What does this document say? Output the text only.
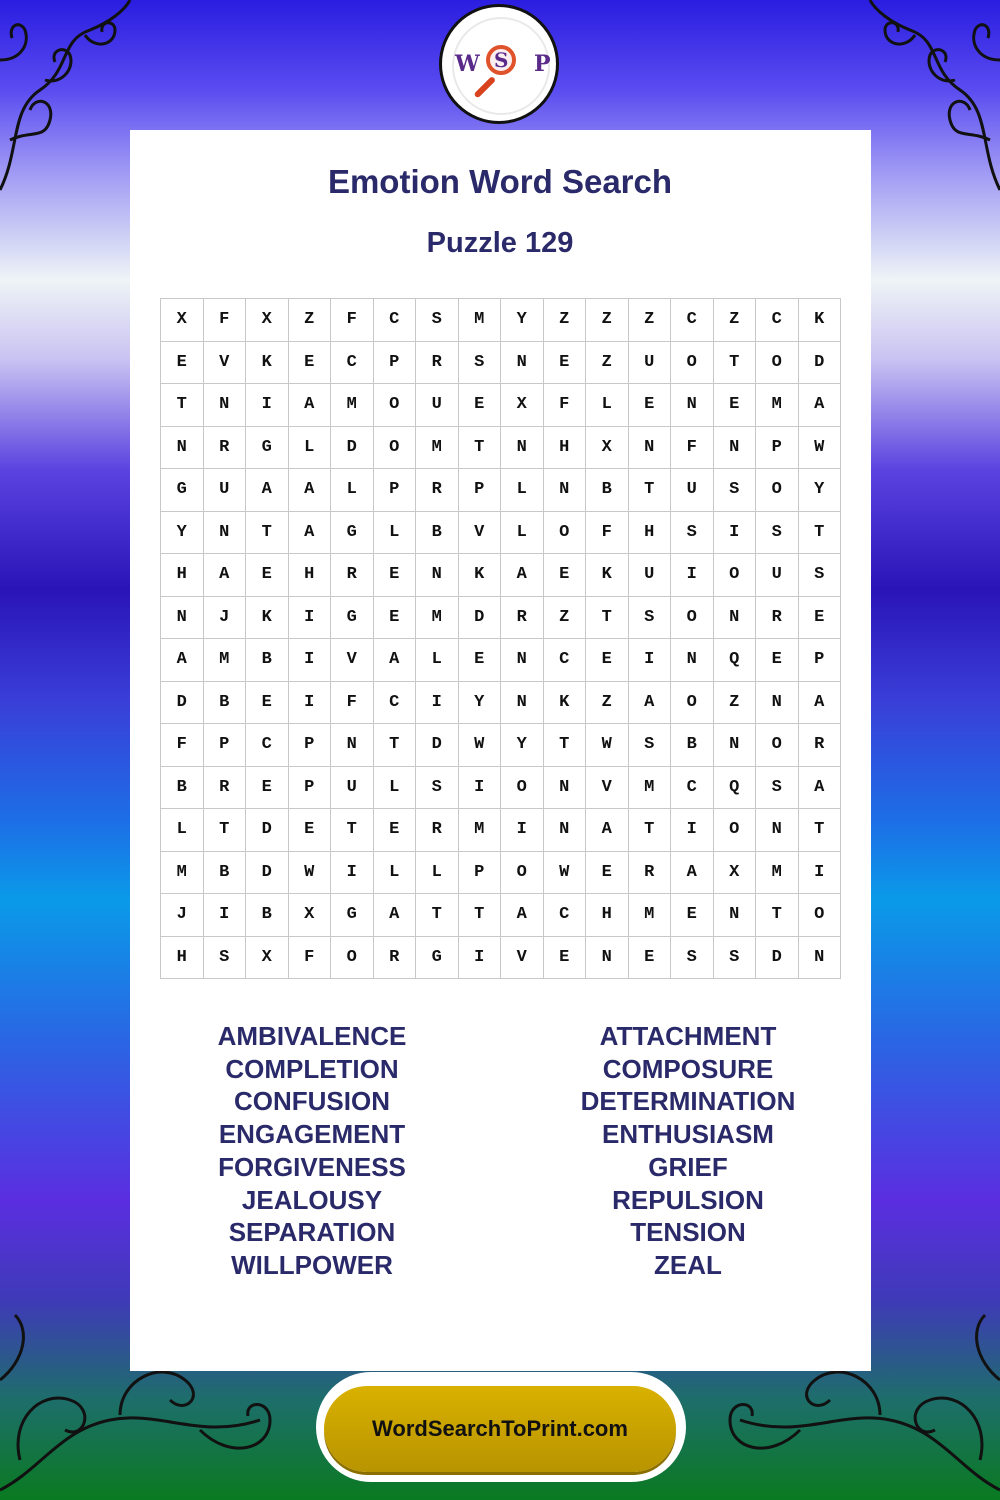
W S P
Emotion Word Search
Puzzle 129
X	F	X	Z	F	C	S	M	Y	Z	Z	Z	C	Z	C	K
E	V	K	E	C	P	R	S	N	E	Z	U	O	T	O	D
T	N	I	A	M	O	U	E	X	F	L	E	N	E	M	A
N	R	G	L	D	O	M	T	N	H	X	N	F	N	P	W
G	U	A	A	L	P	R	P	L	N	B	T	U	S	O	Y
Y	N	T	A	G	L	B	V	L	O	F	H	S	I	S	T
H	A	E	H	R	E	N	K	A	E	K	U	I	O	U	S
N	J	K	I	G	E	M	D	R	Z	T	S	O	N	R	E
A	M	B	I	V	A	L	E	N	C	E	I	N	Q	E	P
D	B	E	I	F	C	I	Y	N	K	Z	A	O	Z	N	A
F	P	C	P	N	T	D	W	Y	T	W	S	B	N	O	R
B	R	E	P	U	L	S	I	O	N	V	M	C	Q	S	A
L	T	D	E	T	E	R	M	I	N	A	T	I	O	N	T
M	B	D	W	I	L	L	P	O	W	E	R	A	X	M	I
J	I	B	X	G	A	T	T	A	C	H	M	E	N	T	O
H	S	X	F	O	R	G	I	V	E	N	E	S	S	D	N
AMBIVALENCE
COMPLETION
CONFUSION
ENGAGEMENT
FORGIVENESS
JEALOUSY
SEPARATION
WILLPOWER
ATTACHMENT
COMPOSURE
DETERMINATION
ENTHUSIASM
GRIEF
REPULSION
TENSION
ZEAL
WordSearchToPrint.com
